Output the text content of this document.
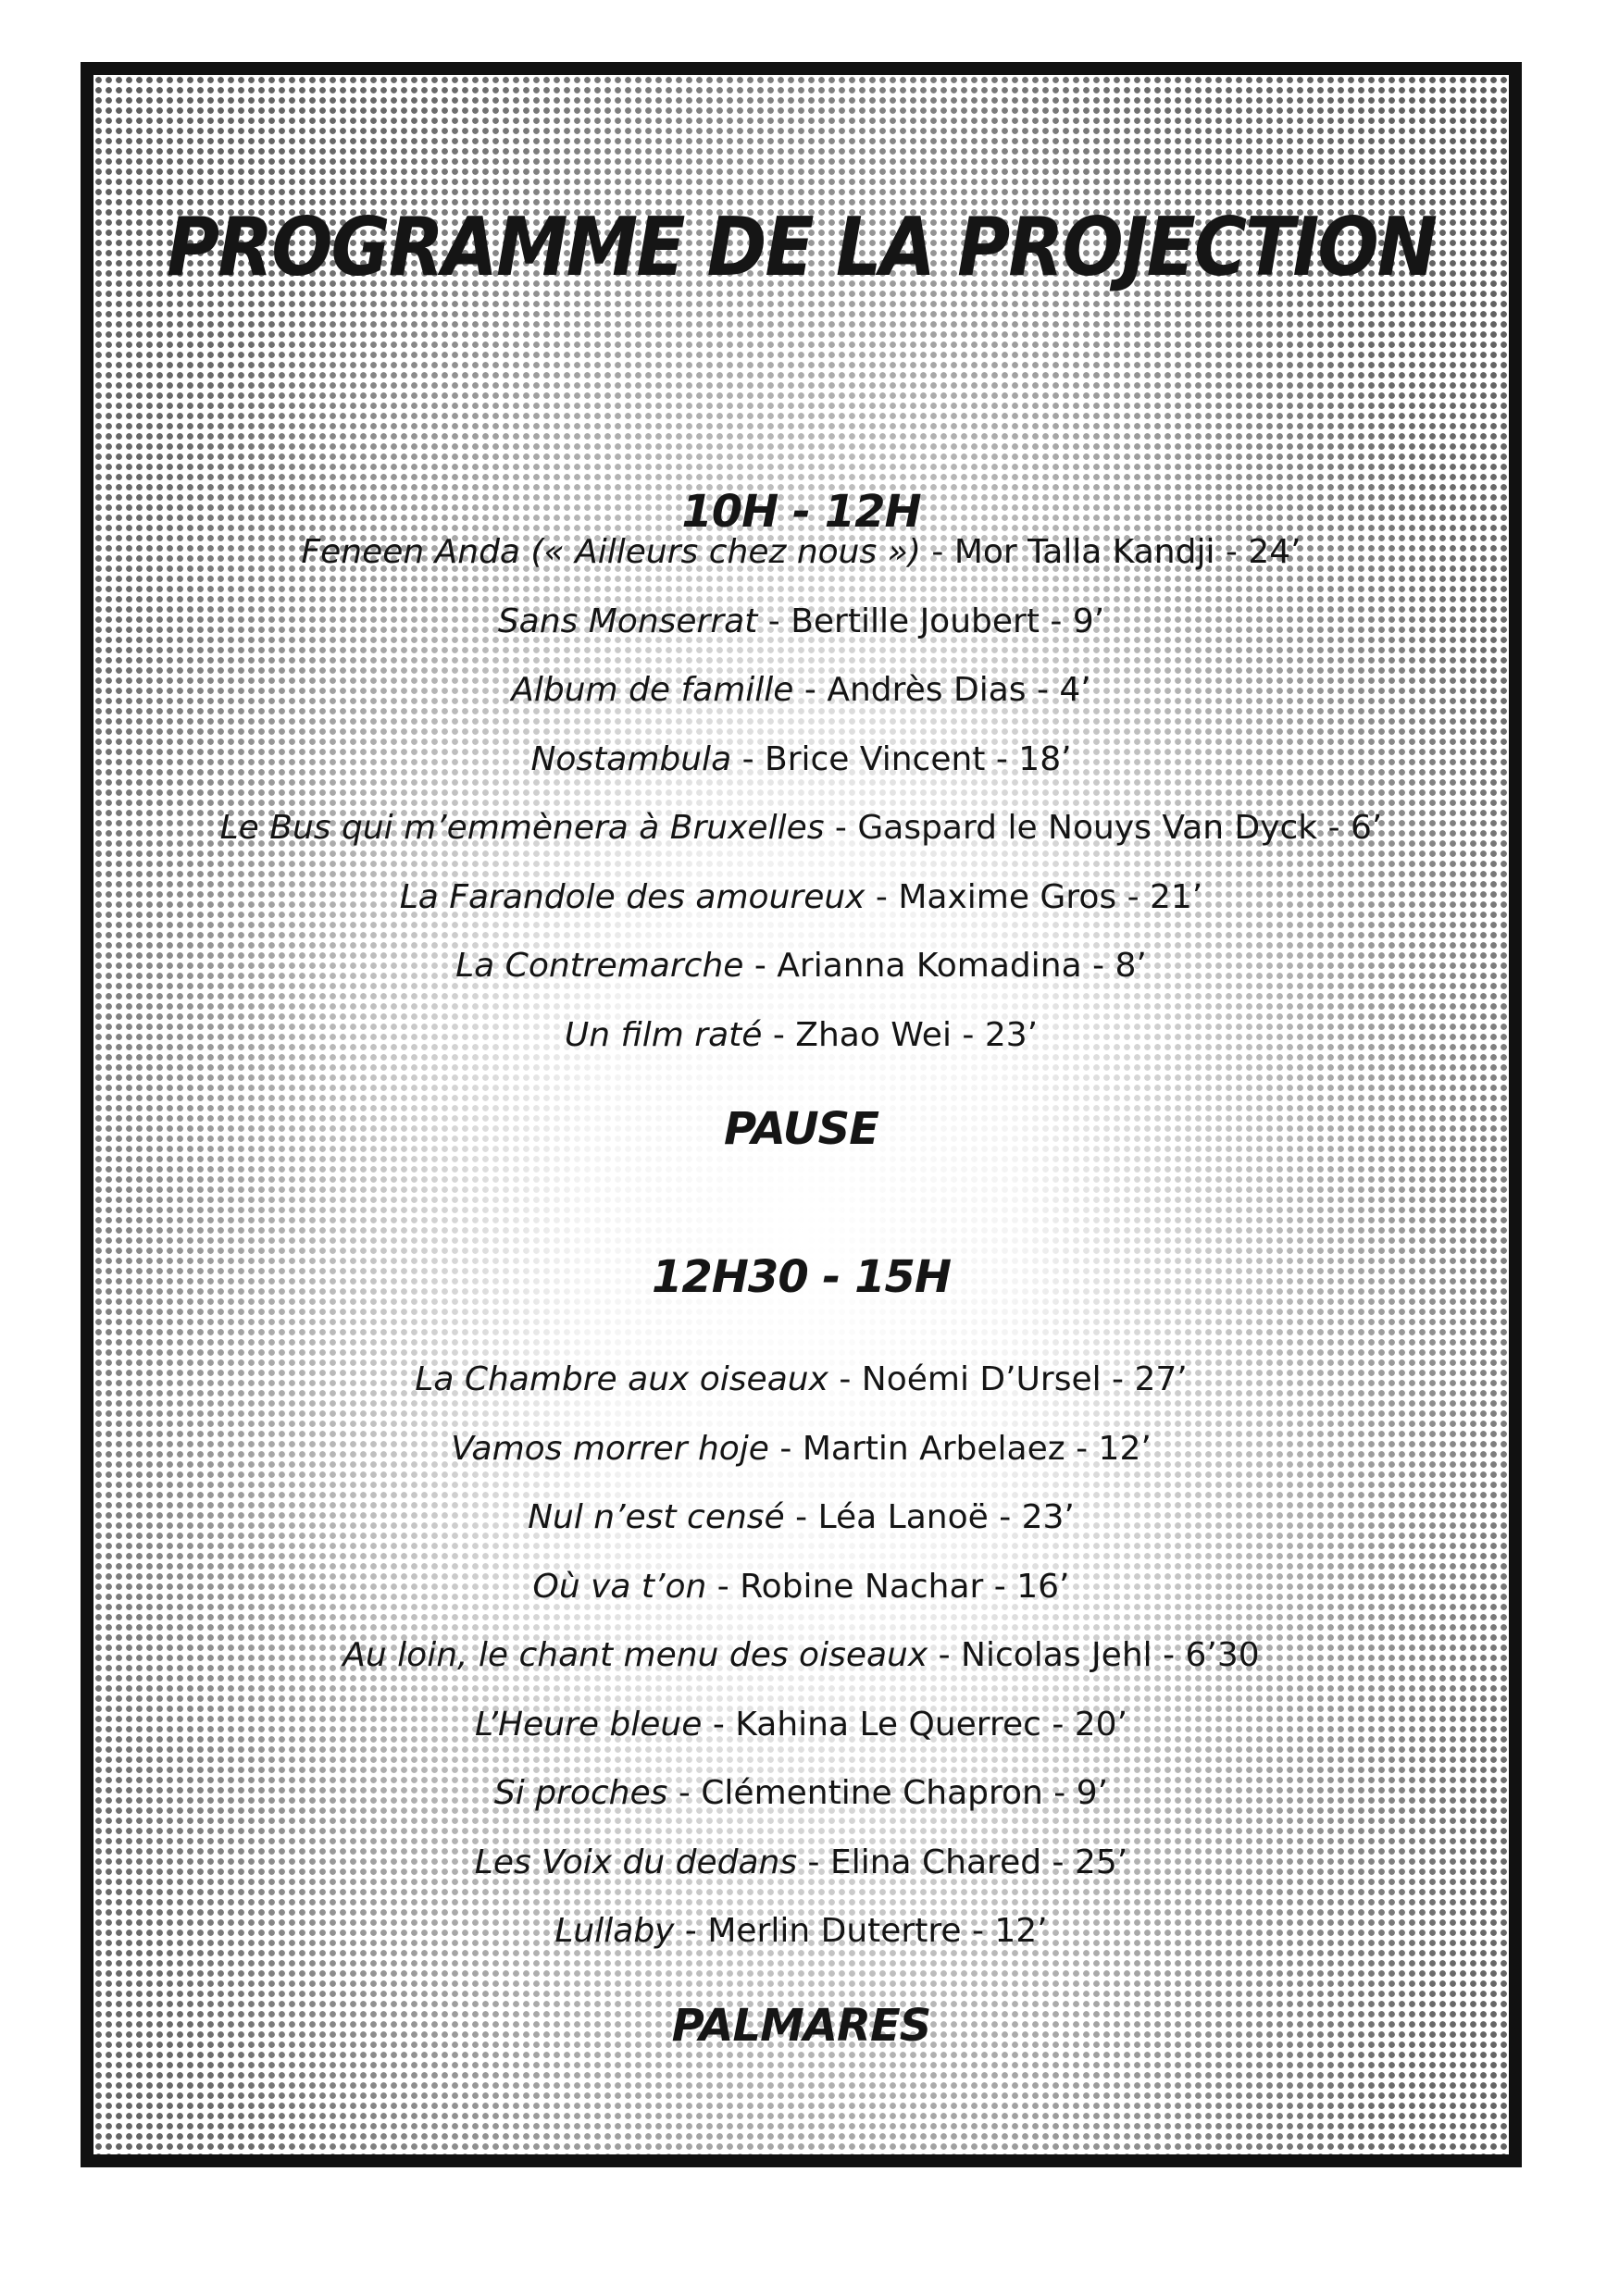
PROGRAMME DE LA PROJECTION
10H - 12H
Feneen Anda (« Ailleurs chez nous ») - Mor Talla Kandji - 24’
Sans Monserrat - Bertille Joubert - 9’
Album de famille - Andrès Dias - 4’
Nostambula - Brice Vincent - 18’
Le Bus qui m’emmènera à Bruxelles - Gaspard le Nouys Van Dyck - 6’
La Farandole des amoureux - Maxime Gros - 21’
La Contremarche - Arianna Komadina - 8’
Un film raté - Zhao Wei - 23’
PAUSE
12H30 - 15H
La Chambre aux oiseaux - Noémi D’Ursel - 27’
Vamos morrer hoje - Martin Arbelaez - 12’
Nul n’est censé - Léa Lanoë - 23’
Où va t’on - Robine Nachar - 16’
Au loin, le chant menu des oiseaux - Nicolas Jehl - 6’30
L’Heure bleue - Kahina Le Querrec - 20’
Si proches - Clémentine Chapron - 9’
Les Voix du dedans - Elina Chared - 25’
Lullaby - Merlin Dutertre - 12’
PALMARES
